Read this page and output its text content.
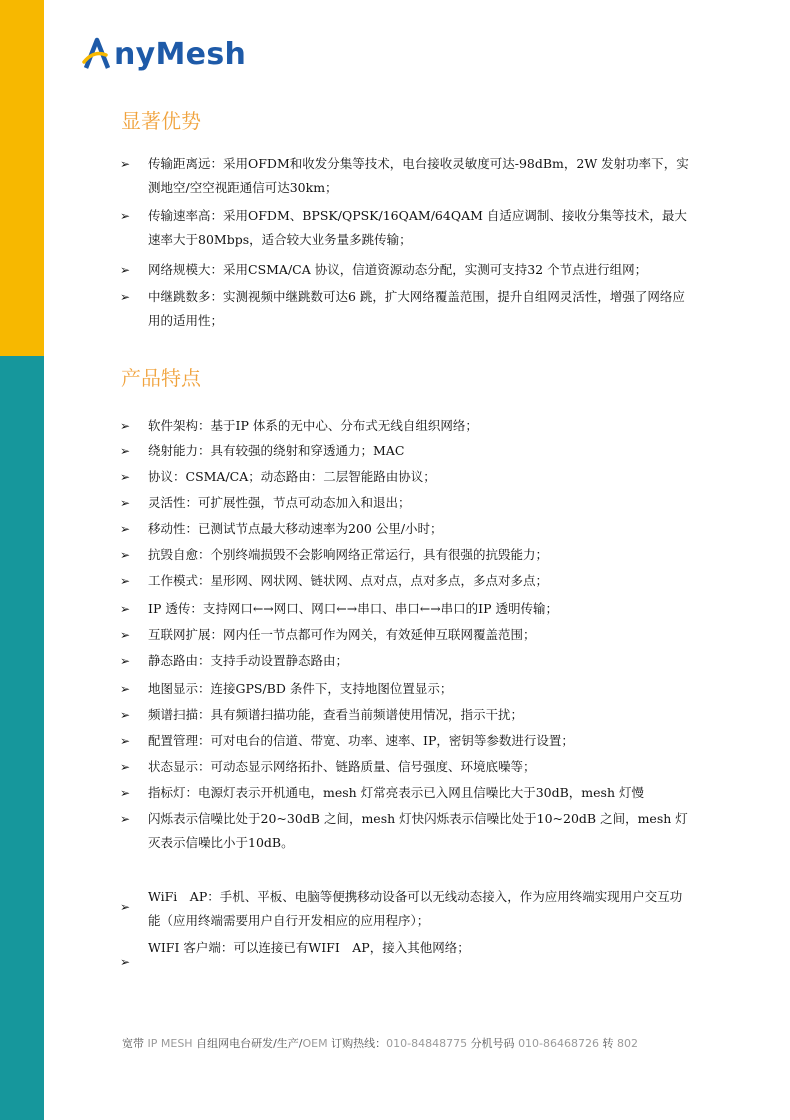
nyMesh
显著优势
➢ 传输距离远：采用OFDM和收发分集等技术，电台接收灵敏度可达-98dBm，2W 发射功率下，实测地空/空空视距通信可达30km；
➢ 传输速率高：采用OFDM、BPSK/QPSK/16QAM/64QAM 自适应调制、接收分集等技术，最大速率大于80Mbps，适合较大业务量多跳传输；
➢ 网络规模大：采用CSMA/CA 协议，信道资源动态分配，实测可支持32 个节点进行组网；
➢ 中继跳数多：实测视频中继跳数可达6 跳，扩大网络覆盖范围，提升自组网灵活性，增强了网络应用的适用性；
产品特点
➢ 软件架构：基于IP 体系的无中心、分布式无线自组织网络；
➢ 绕射能力：具有较强的绕射和穿透通力；MAC
➢ 协议：CSMA/CA；动态路由：二层智能路由协议；
➢ 灵活性：可扩展性强，节点可动态加入和退出；
➢ 移动性：已测试节点最大移动速率为200 公里/小时；
➢ 抗毁自愈：个别终端损毁不会影响网络正常运行，具有很强的抗毁能力；
➢ 工作模式：星形网、网状网、链状网、点对点，点对多点，多点对多点；
➢ IP 透传：支持网口←→网口、网口←→串口、串口←→串口的IP 透明传输；
➢ 互联网扩展：网内任一节点都可作为网关，有效延伸互联网覆盖范围；
➢ 静态路由：支持手动设置静态路由；
➢ 地图显示：连接GPS/BD 条件下，支持地图位置显示；
➢ 频谱扫描：具有频谱扫描功能，查看当前频谱使用情况，指示干扰；
➢ 配置管理：可对电台的信道、带宽、功率、速率、IP，密钥等参数进行设置；
➢ 状态显示：可动态显示网络拓扑、链路质量、信号强度、环境底噪等；
➢ 指标灯：电源灯表示开机通电，mesh 灯常亮表示已入网且信噪比大于30dB，mesh 灯慢
➢ 闪烁表示信噪比处于20~30dB 之间，mesh 灯快闪烁表示信噪比处于10~20dB 之间，mesh 灯灭表示信噪比小于10dB。
➢
WiFi　AP：手机、平板、电脑等便携移动设备可以无线动态接入，作为应用终端实现用户交互功能（应用终端需要用户自行开发相应的应用程序）；
➢
WIFI 客户端：可以连接已有WIFI　AP，接入其他网络；
宽带 IP MESH 自组网电台研发/生产/OEM 订购热线：010-84848775 分机号码 010-86468726 转 802
